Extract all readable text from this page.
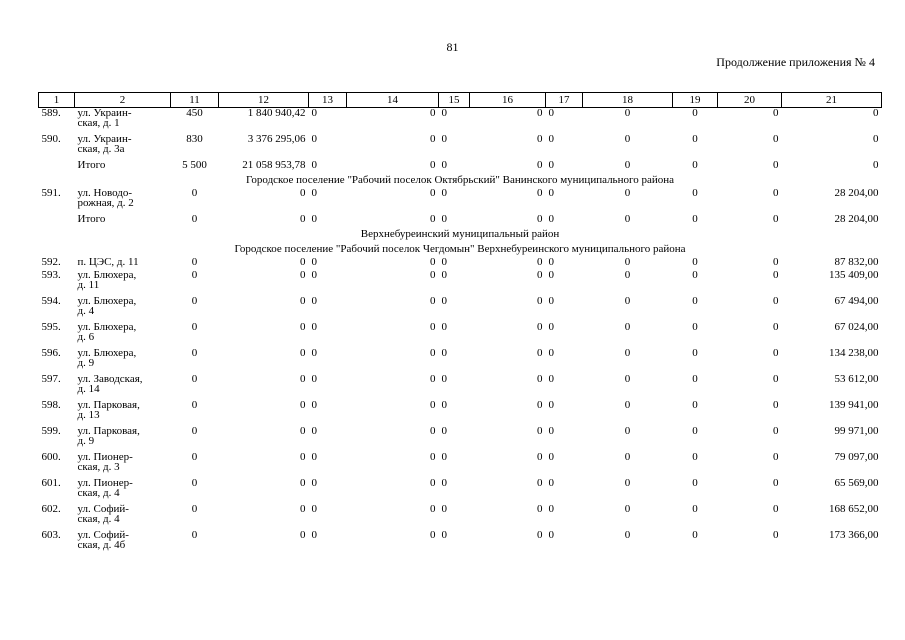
81
Продолжение приложения № 4
1	2	11	12	13	14	15	16	17	18	19	20	21
589.	ул. Украин-
ская, д. 1	450	1 840 940,42	0	0	0	0	0	0	0	0	0
590.	ул. Украин-
ская, д. 3а	830	3 376 295,06	0	0	0	0	0	0	0	0	0
	Итого	5 500	21 058 953,78	0	0	0	0	0	0	0	0	0
Городское поселение "Рабочий поселок Октябрьский" Ванинского муниципального района												
591.	ул. Новодо-
рожная, д. 2	0	0	0	0	0	0	0	0	0	0	28 204,00
	Итого	0	0	0	0	0	0	0	0	0	0	28 204,00
Верхнебуреинский муниципальный район												
Городское поселение "Рабочий поселок Чегдомын" Верхнебуреинского муниципального района												
592.	п. ЦЭС, д. 11	0	0	0	0	0	0	0	0	0	0	87 832,00
593.	ул. Блюхера,
д. 11	0	0	0	0	0	0	0	0	0	0	135 409,00
594.	ул. Блюхера,
д. 4	0	0	0	0	0	0	0	0	0	0	67 494,00
595.	ул. Блюхера,
д. 6	0	0	0	0	0	0	0	0	0	0	67 024,00
596.	ул. Блюхера,
д. 9	0	0	0	0	0	0	0	0	0	0	134 238,00
597.	ул. Заводская,
д. 14	0	0	0	0	0	0	0	0	0	0	53 612,00
598.	ул. Парковая,
д. 13	0	0	0	0	0	0	0	0	0	0	139 941,00
599.	ул. Парковая,
д. 9	0	0	0	0	0	0	0	0	0	0	99 971,00
600.	ул. Пионер-
ская, д. 3	0	0	0	0	0	0	0	0	0	0	79 097,00
601.	ул. Пионер-
ская, д. 4	0	0	0	0	0	0	0	0	0	0	65 569,00
602.	ул. Софий-
ская, д. 4	0	0	0	0	0	0	0	0	0	0	168 652,00
603.	ул. Софий-
ская, д. 4б	0	0	0	0	0	0	0	0	0	0	173 366,00
